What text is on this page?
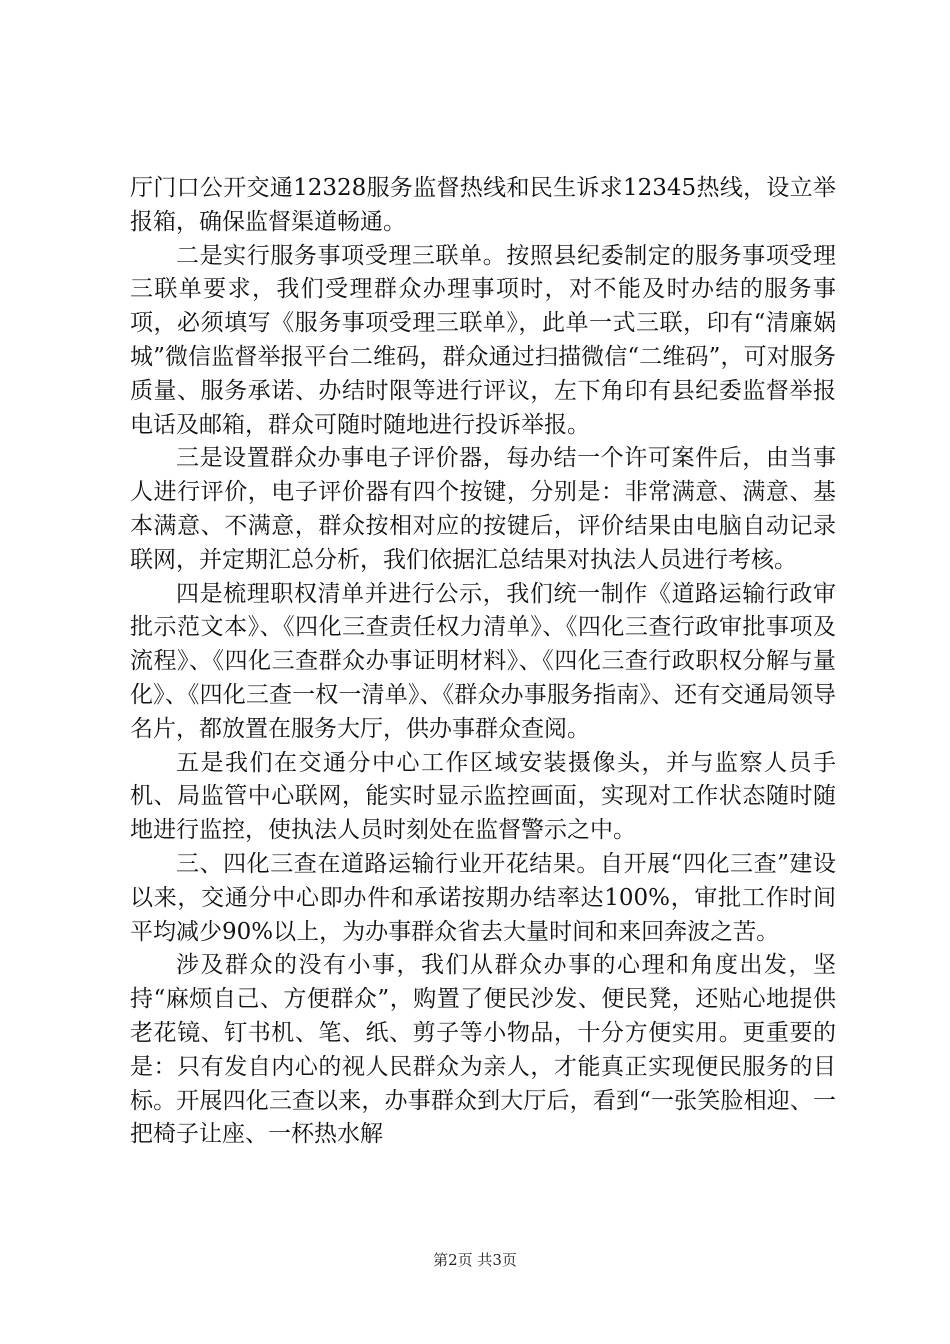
厅门口公开交通12328服务监督热线和民生诉求12345热线，设立举报箱，确保监督渠道畅通。

二是实行服务事项受理三联单。按照县纪委制定的服务事项受理三联单要求，我们受理群众办理事项时，对不能及时办结的服务事项，必须填写《服务事项受理三联单》，此单一式三联，印有“清廉娲城”微信监督举报平台二维码，群众通过扫描微信“二维码”，可对服务质量、服务承诺、办结时限等进行评议，左下角印有县纪委监督举报电话及邮箱，群众可随时随地进行投诉举报。

三是设置群众办事电子评价器，每办结一个许可案件后，由当事人进行评价，电子评价器有四个按键，分别是：非常满意、满意、基本满意、不满意，群众按相对应的按键后，评价结果由电脑自动记录联网，并定期汇总分析，我们依据汇总结果对执法人员进行考核。

四是梳理职权清单并进行公示，我们统一制作《道路运输行政审批示范文本》、《四化三查责任权力清单》、《四化三查行政审批事项及流程》、《四化三查群众办事证明材料》、《四化三查行政职权分解与量化》、《四化三查一权一清单》、《群众办事服务指南》、还有交通局领导名片，都放置在服务大厅，供办事群众查阅。

五是我们在交通分中心工作区域安装摄像头，并与监察人员手机、局监管中心联网，能实时显示监控画面，实现对工作状态随时随地进行监控，使执法人员时刻处在监督警示之中。

三、四化三查在道路运输行业开花结果。自开展“四化三查”建设以来，交通分中心即办件和承诺按期办结率达100%，审批工作时间平均减少90%以上，为办事群众省去大量时间和来回奔波之苦。

涉及群众的没有小事，我们从群众办事的心理和角度出发，坚持“麻烦自己、方便群众”，购置了便民沙发、便民凳，还贴心地提供老花镜、钉书机、笔、纸、剪子等小物品，十分方便实用。更重要的是：只有发自内心的视人民群众为亲人，才能真正实现便民服务的目标。开展四化三查以来，办事群众到大厅后，看到“一张笑脸相迎、一把椅子让座、一杯热水解

第2页 共3页
